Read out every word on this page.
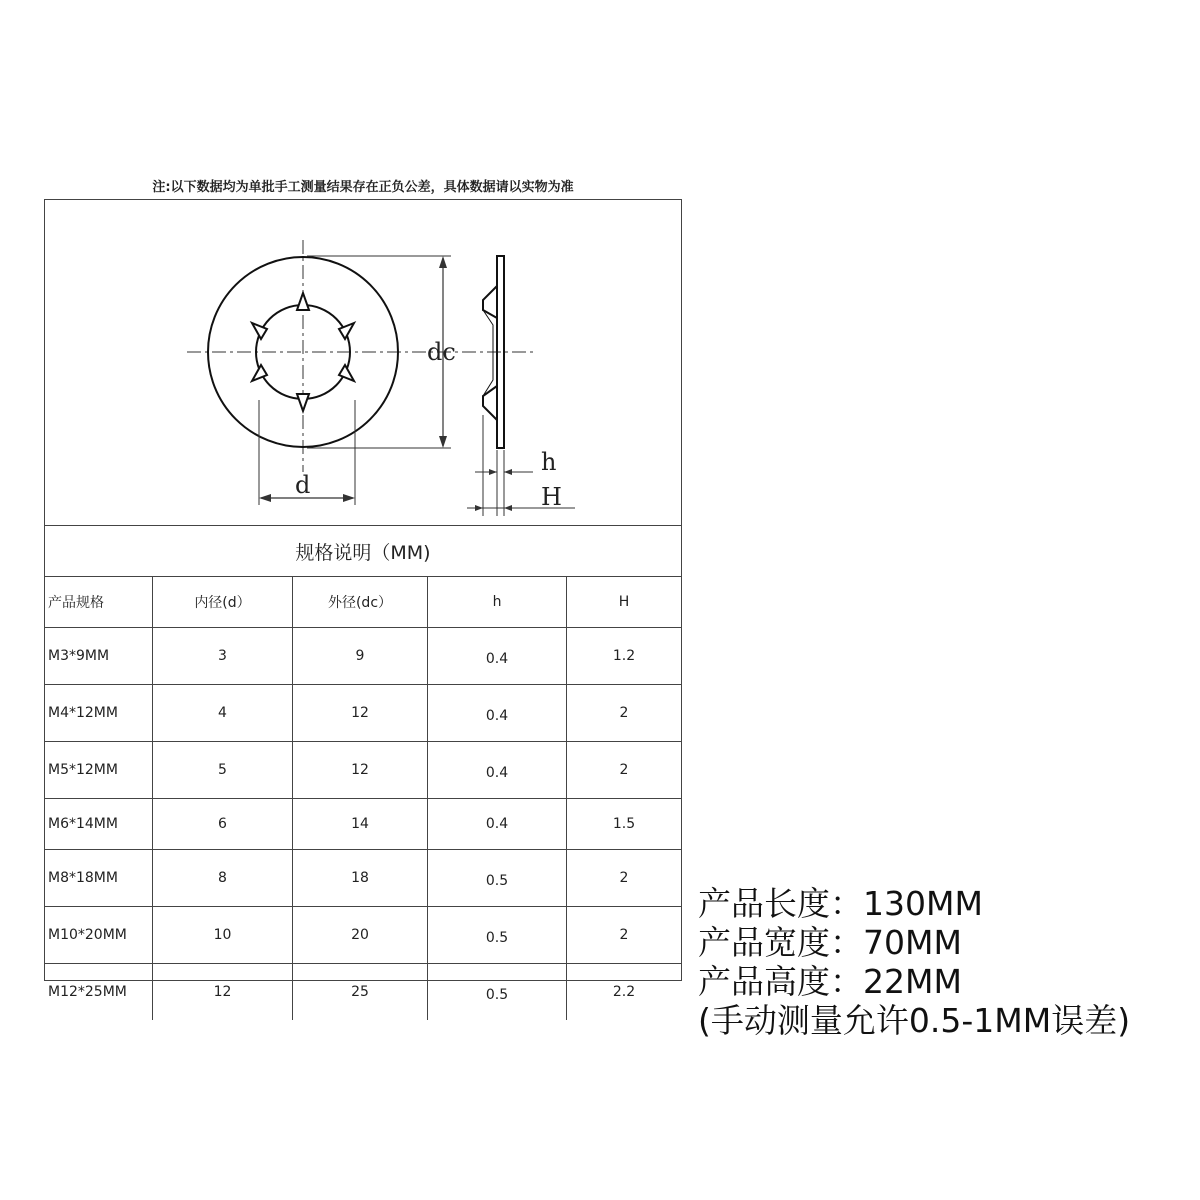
注:以下数据均为单批手工测量结果存在正负公差，具体数据请以实物为准
dc
d
h
H
规格说明（MM)
产品规格	内径(d）	外径(dc）	h	H
M3*9MM	3	9	0.4	1.2
M4*12MM	4	12	0.4	2
M5*12MM	5	12	0.4	2
M6*14MM	6	14	0.4	1.5
M8*18MM	8	18	0.5	2
M10*20MM	10	20	0.5	2
M12*25MM	12	25	0.5	2.2
产品长度：130MM
产品宽度：70MM
产品高度：22MM
(手动测量允许0.5-1MM误差)
